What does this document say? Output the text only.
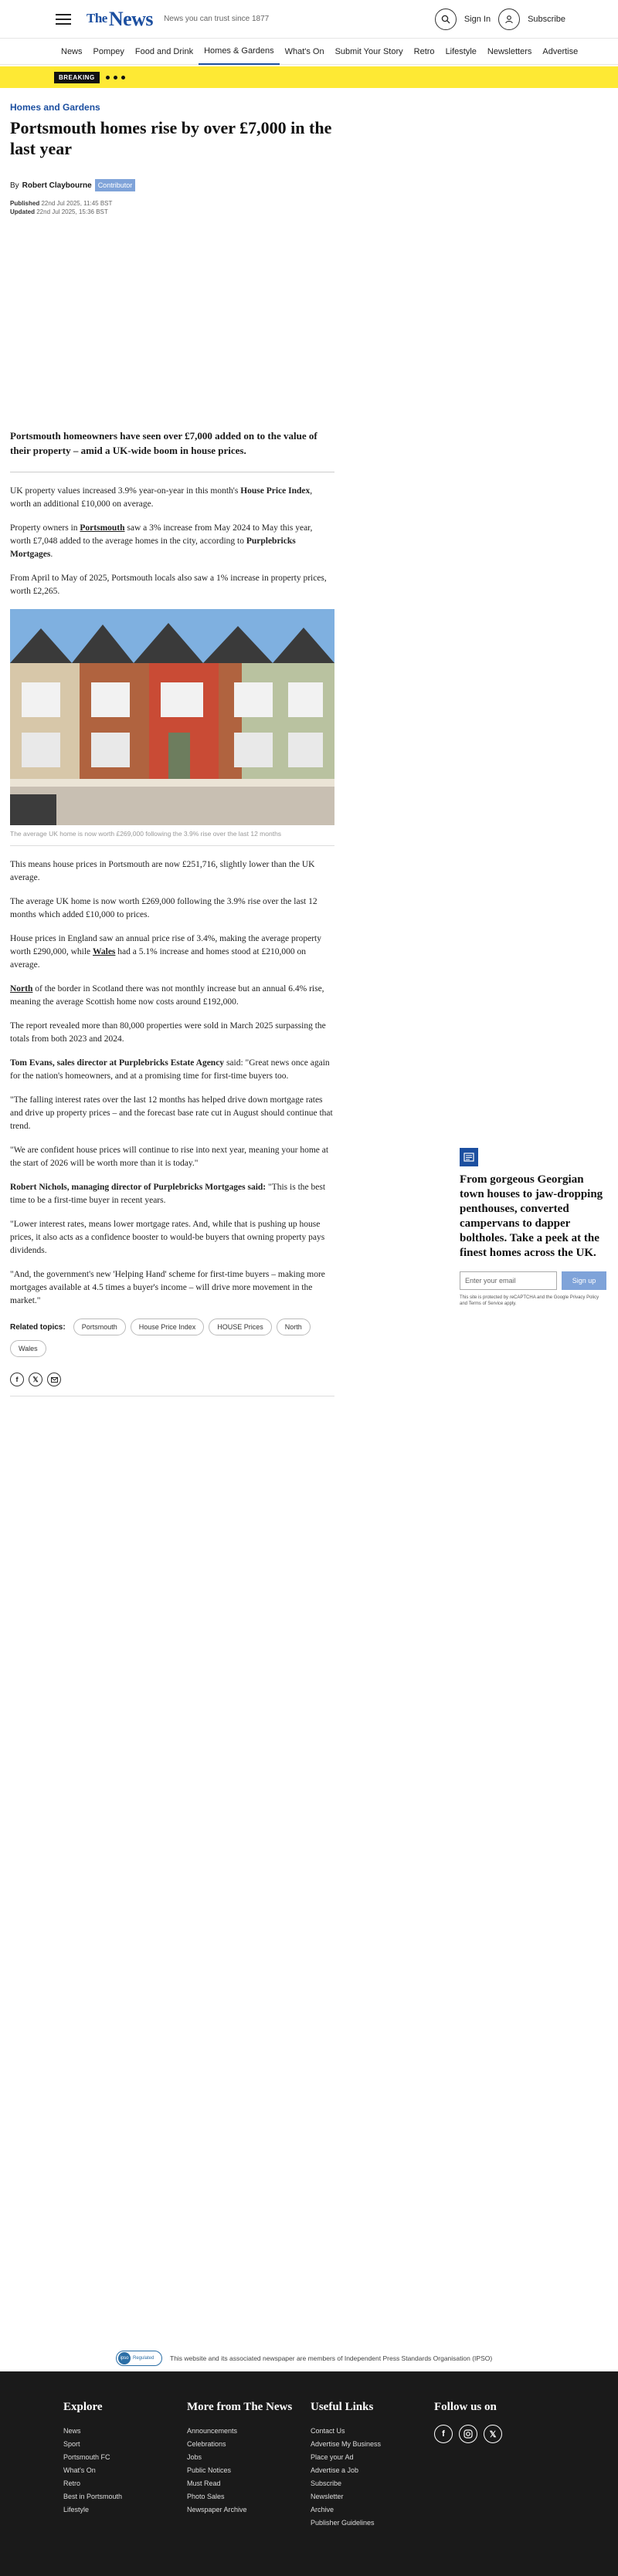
TheNews News you can trust since 1877	Sign In	Subscribe
News	Pompey	Food and Drink	Homes & Gardens	What's On	Submit Your Story	Retro	Lifestyle	Newsletters	Advertise
BREAKING
Homes and Gardens
Portsmouth homes rise by over £7,000 in the last year
By Robert Claybourne Contributor
Published 22nd Jul 2025, 11:45 BST
Updated 22nd Jul 2025, 15:36 BST

Portsmouth homeowners have seen over £7,000 added on to the value of their property – amid a UK-wide boom in house prices.

UK property values increased 3.9% year-on-year in this month's House Price Index, worth an additional £10,000 on average.

Property owners in Portsmouth saw a 3% increase from May 2024 to May this year, worth £7,048 added to the average homes in the city, according to Purplebricks Mortgages.

From April to May of 2025, Portsmouth locals also saw a 1% increase in property prices, worth £2,265.

The average UK home is now worth £269,000 following the 3.9% rise over the last 12 months

This means house prices in Portsmouth are now £251,716, slightly lower than the UK average.

The average UK home is now worth £269,000 following the 3.9% rise over the last 12 months which added £10,000 to prices.

House prices in England saw an annual price rise of 3.4%, making the average property worth £290,000, while Wales had a 5.1% increase and homes stood at £210,000 on average.

North of the border in Scotland there was not monthly increase but an annual 6.4% rise, meaning the average Scottish home now costs around £192,000.

The report revealed more than 80,000 properties were sold in March 2025 surpassing the totals from both 2023 and 2024.

Tom Evans, sales director at Purplebricks Estate Agency said: "Great news once again for the nation's homeowners, and at a promising time for first-time buyers too.

"The falling interest rates over the last 12 months has helped drive down mortgage rates and drive up property prices – and the forecast base rate cut in August should continue that trend.

"We are confident house prices will continue to rise into next year, meaning your home at the start of 2026 will be worth more than it is today."

Robert Nichols, managing director of Purplebricks Mortgages said: "This is the best time to be a first-time buyer in recent years.

"Lower interest rates, means lower mortgage rates. And, while that is pushing up house prices, it also acts as a confidence booster to would-be buyers that owning property pays dividends.

"And, the government's new 'Helping Hand' scheme for first-time buyers – making more mortgages available at 4.5 times a buyer's income – will drive more movement in the market."

Related topics:	Portsmouth	House Price Index	HOUSE Prices	North
Wales
f	𝕏
From gorgeous Georgian town houses to jaw-dropping penthouses, converted campervans to dapper boltholes. Take a peek at the finest homes across the UK.
Enter your email	Sign up
This site is protected by reCAPTCHA and the Google Privacy Policy and Terms of Service apply.
ipso Regulated This website and its associated newspaper are members of Independent Press Standards Organisation (IPSO)
Explore
News
Sport
Portsmouth FC
What's On
Retro
Best in Portsmouth
Lifestyle
More from The News
Announcements
Celebrations
Jobs
Public Notices
Must Read
Photo Sales
Newspaper Archive
Useful Links
Contact Us
Advertise My Business
Place your Ad
Advertise a Job
Subscribe
Newsletter
Archive
Publisher Guidelines
Follow us on
f	𝕏
